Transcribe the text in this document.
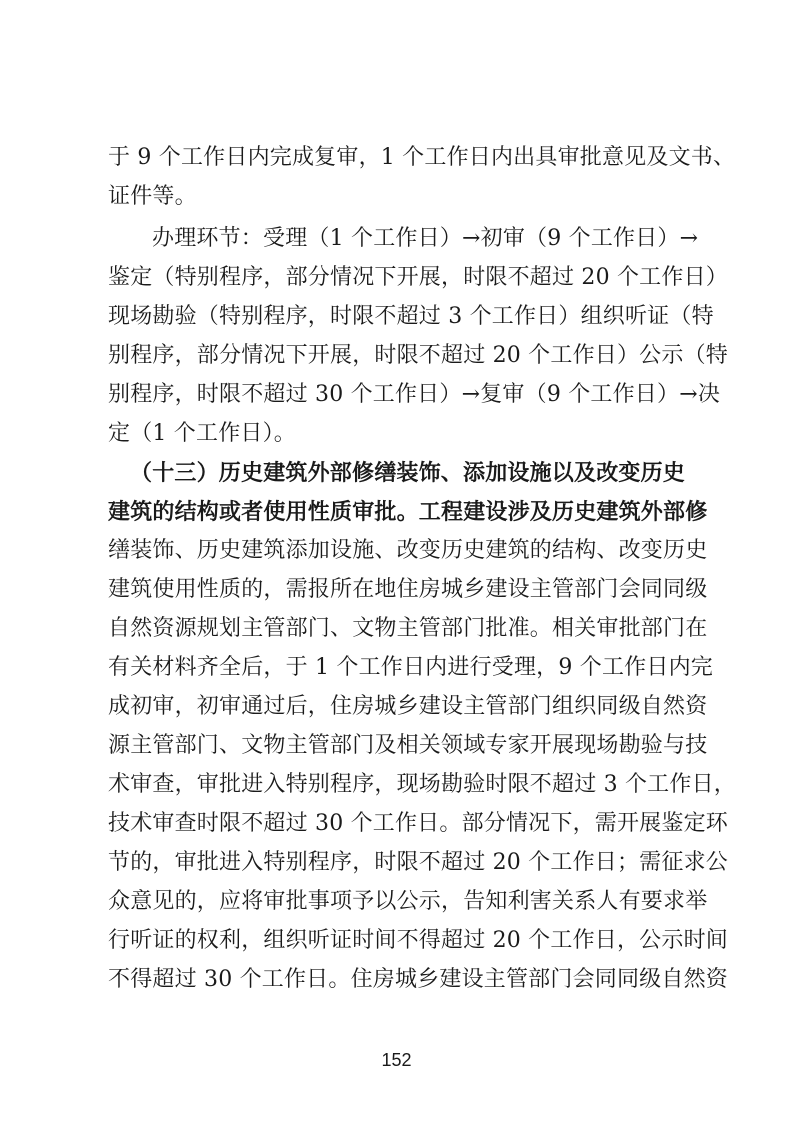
于 9 个工作日内完成复审，1 个工作日内出具审批意见及文书、
证件等。
办理环节：受理（1 个工作日）→初审（9 个工作日）→
鉴定（特别程序，部分情况下开展，时限不超过 20 个工作日）
现场勘验（特别程序，时限不超过 3 个工作日）组织听证（特
别程序，部分情况下开展，时限不超过 20 个工作日）公示（特
别程序，时限不超过 30 个工作日）→复审（9 个工作日）→决
定（1 个工作日）。
（十三）历史建筑外部修缮装饰、添加设施以及改变历史
建筑的结构或者使用性质审批。工程建设涉及历史建筑外部修
缮装饰、历史建筑添加设施、改变历史建筑的结构、改变历史
建筑使用性质的，需报所在地住房城乡建设主管部门会同同级
自然资源规划主管部门、文物主管部门批准。相关审批部门在
有关材料齐全后，于 1 个工作日内进行受理，9 个工作日内完
成初审，初审通过后，住房城乡建设主管部门组织同级自然资
源主管部门、文物主管部门及相关领域专家开展现场勘验与技
术审查，审批进入特别程序，现场勘验时限不超过 3 个工作日，
技术审查时限不超过 30 个工作日。部分情况下，需开展鉴定环
节的，审批进入特别程序，时限不超过 20 个工作日；需征求公
众意见的，应将审批事项予以公示，告知利害关系人有要求举
行听证的权利，组织听证时间不得超过 20 个工作日，公示时间
不得超过 30 个工作日。住房城乡建设主管部门会同同级自然资
152
